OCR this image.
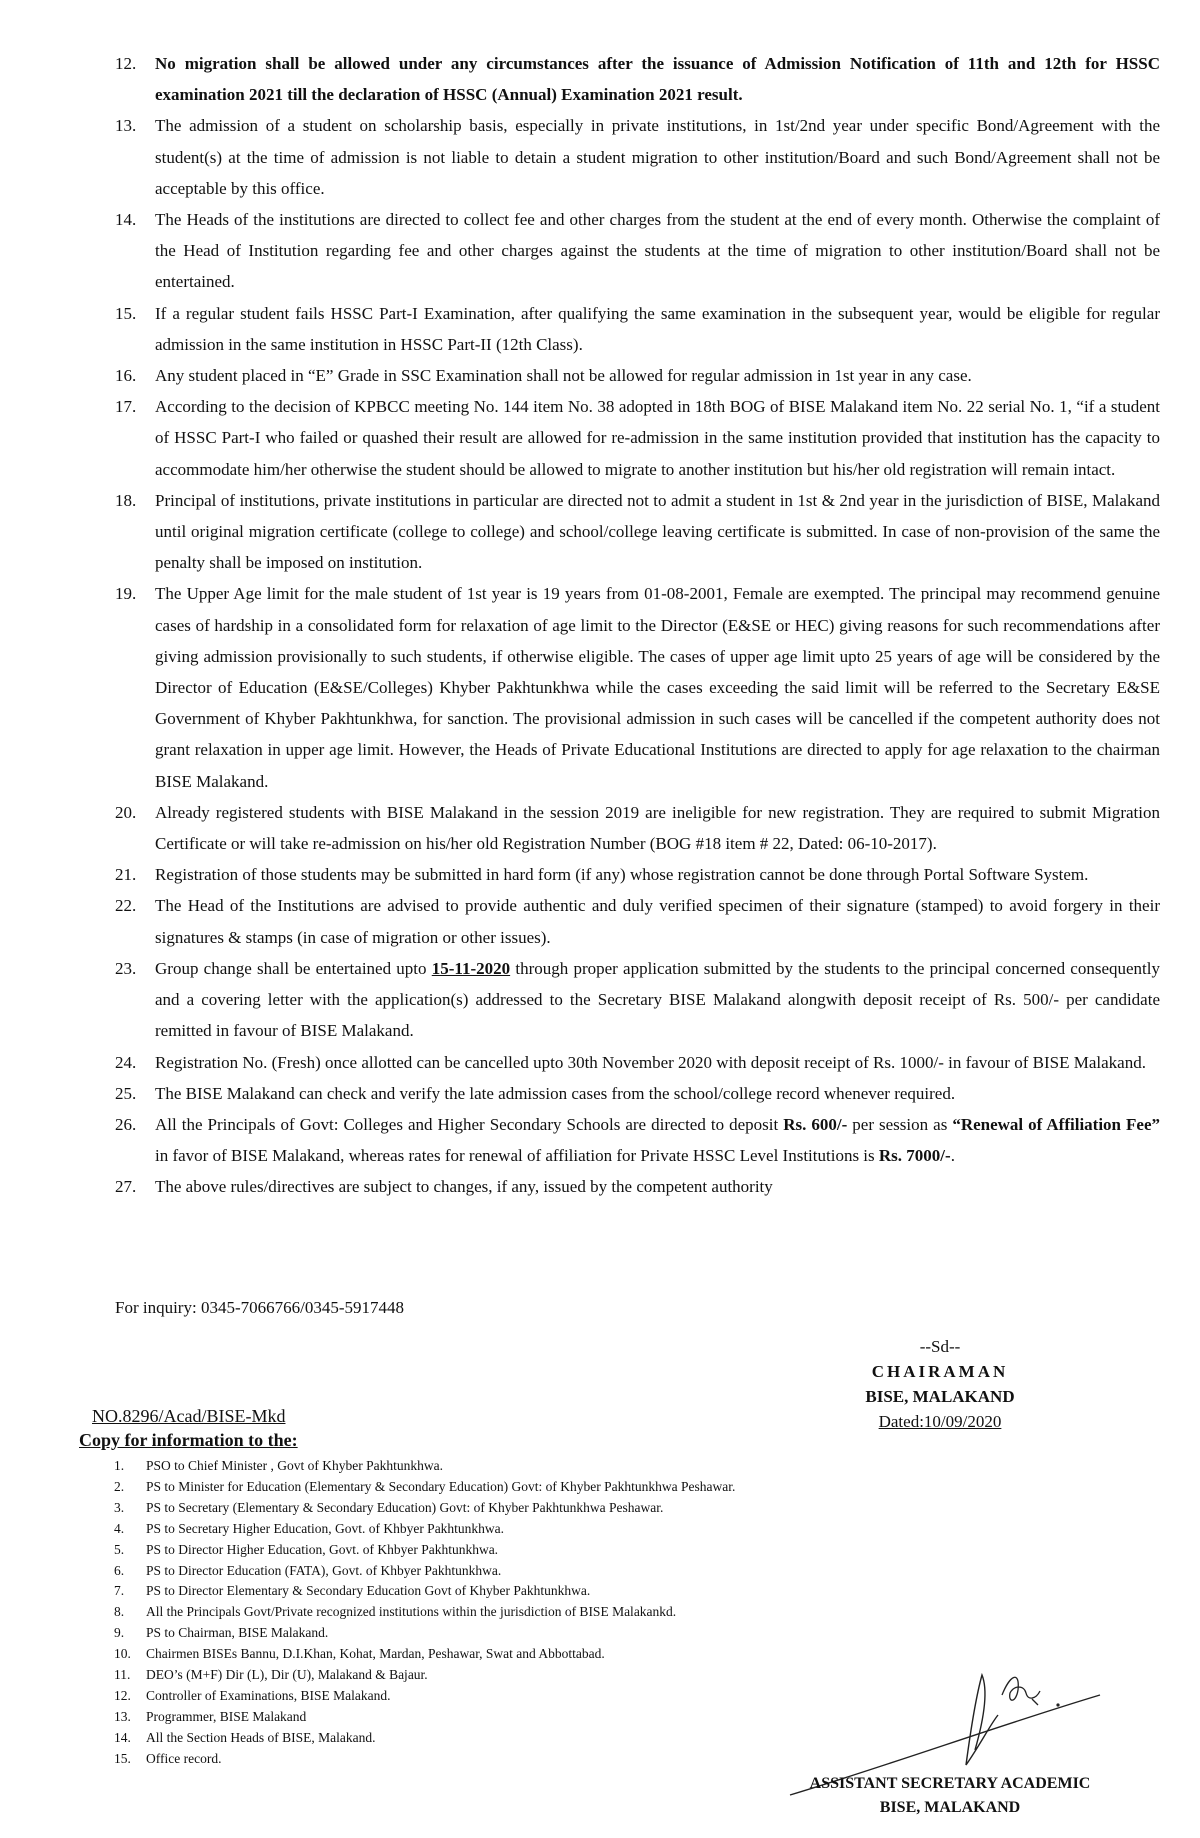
12.	No migration shall be allowed under any circumstances after the issuance of Admission Notification of 11th and 12th for HSSC examination 2021 till the declaration of HSSC (Annual) Examination 2021 result.
13.	The admission of a student on scholarship basis, especially in private institutions, in 1st/2nd year under specific Bond/Agreement with the student(s) at the time of admission is not liable to detain a student migration to other institution/Board and such Bond/Agreement shall not be acceptable by this office.
14.	The Heads of the institutions are directed to collect fee and other charges from the student at the end of every month. Otherwise the complaint of the Head of Institution regarding fee and other charges against the students at the time of migration to other institution/Board shall not be entertained.
15.	If a regular student fails HSSC Part-I Examination, after qualifying the same examination in the subsequent year, would be eligible for regular admission in the same institution in HSSC Part-II (12th Class).
16.	Any student placed in “E” Grade in SSC Examination shall not be allowed for regular admission in 1st year in any case.
17.	According to the decision of KPBCC meeting No. 144 item No. 38 adopted in 18th BOG of BISE Malakand item No. 22 serial No. 1, “if a student of HSSC Part-I who failed or quashed their result are allowed for re-admission in the same institution provided that institution has the capacity to accommodate him/her otherwise the student should be allowed to migrate to another institution but his/her old registration will remain intact.
18.	Principal of institutions, private institutions in particular are directed not to admit a student in 1st & 2nd year in the jurisdiction of BISE, Malakand until original migration certificate (college to college) and school/college leaving certificate is submitted. In case of non-provision of the same the penalty shall be imposed on institution.
19.	The Upper Age limit for the male student of 1st year is 19 years from 01-08-2001, Female are exempted. The principal may recommend genuine cases of hardship in a consolidated form for relaxation of age limit to the Director (E&SE or HEC) giving reasons for such recommendations after giving admission provisionally to such students, if otherwise eligible. The cases of upper age limit upto 25 years of age will be considered by the Director of Education (E&SE/Colleges) Khyber Pakhtunkhwa while the cases exceeding the said limit will be referred to the Secretary E&SE Government of Khyber Pakhtunkhwa, for sanction. The provisional admission in such cases will be cancelled if the competent authority does not grant relaxation in upper age limit. However, the Heads of Private Educational Institutions are directed to apply for age relaxation to the chairman BISE Malakand.
20.	Already registered students with BISE Malakand in the session 2019 are ineligible for new registration. They are required to submit Migration Certificate or will take re-admission on his/her old Registration Number (BOG #18 item # 22, Dated: 06-10-2017).
21.	Registration of those students may be submitted in hard form (if any) whose registration cannot be done through Portal Software System.
22.	The Head of the Institutions are advised to provide authentic and duly verified specimen of their signature (stamped) to avoid forgery in their signatures & stamps (in case of migration or other issues).
23.	Group change shall be entertained upto 15-11-2020 through proper application submitted by the students to the principal concerned consequently and a covering letter with the application(s) addressed to the Secretary BISE Malakand alongwith deposit receipt of Rs. 500/- per candidate remitted in favour of BISE Malakand.
24.	Registration No. (Fresh) once allotted can be cancelled upto 30th November 2020 with deposit receipt of Rs. 1000/- in favour of BISE Malakand.
25.	The BISE Malakand can check and verify the late admission cases from the school/college record whenever required.
26.	All the Principals of Govt: Colleges and Higher Secondary Schools are directed to deposit Rs. 600/- per session as “Renewal of Affiliation Fee” in favor of BISE Malakand, whereas rates for renewal of affiliation for Private HSSC Level Institutions is Rs. 7000/-.
27.	The above rules/directives are subject to changes, if any, issued by the competent authority
For inquiry: 0345-7066766/0345-5917448
--Sd--
CHAIRAMAN
BISE, MALAKAND
Dated:10/09/2020
NO.8296/Acad/BISE-Mkd
Copy for information to the:
1.	PSO to Chief Minister , Govt of Khyber Pakhtunkhwa.
2.	PS to Minister for Education (Elementary & Secondary Education) Govt: of Khyber Pakhtunkhwa Peshawar.
3.	PS to Secretary (Elementary & Secondary Education) Govt: of Khyber Pakhtunkhwa Peshawar.
4.	PS to Secretary Higher Education, Govt. of Khbyer Pakhtunkhwa.
5.	PS to Director Higher Education, Govt. of Khbyer Pakhtunkhwa.
6.	PS to Director Education (FATA), Govt. of Khbyer Pakhtunkhwa.
7.	PS to Director Elementary & Secondary Education Govt of Khyber Pakhtunkhwa.
8.	All the Principals Govt/Private recognized institutions within the jurisdiction of BISE Malakankd.
9.	PS to Chairman, BISE Malakand.
10.	Chairmen BISEs Bannu, D.I.Khan, Kohat, Mardan, Peshawar, Swat and Abbottabad.
11.	DEO’s (M+F) Dir (L), Dir (U), Malakand & Bajaur.
12.	Controller of Examinations, BISE Malakand.
13.	Programmer, BISE Malakand
14.	All the Section Heads of BISE, Malakand.
15.	Office record.
ASSISTANT SECRETARY ACADEMIC
BISE, MALAKAND
